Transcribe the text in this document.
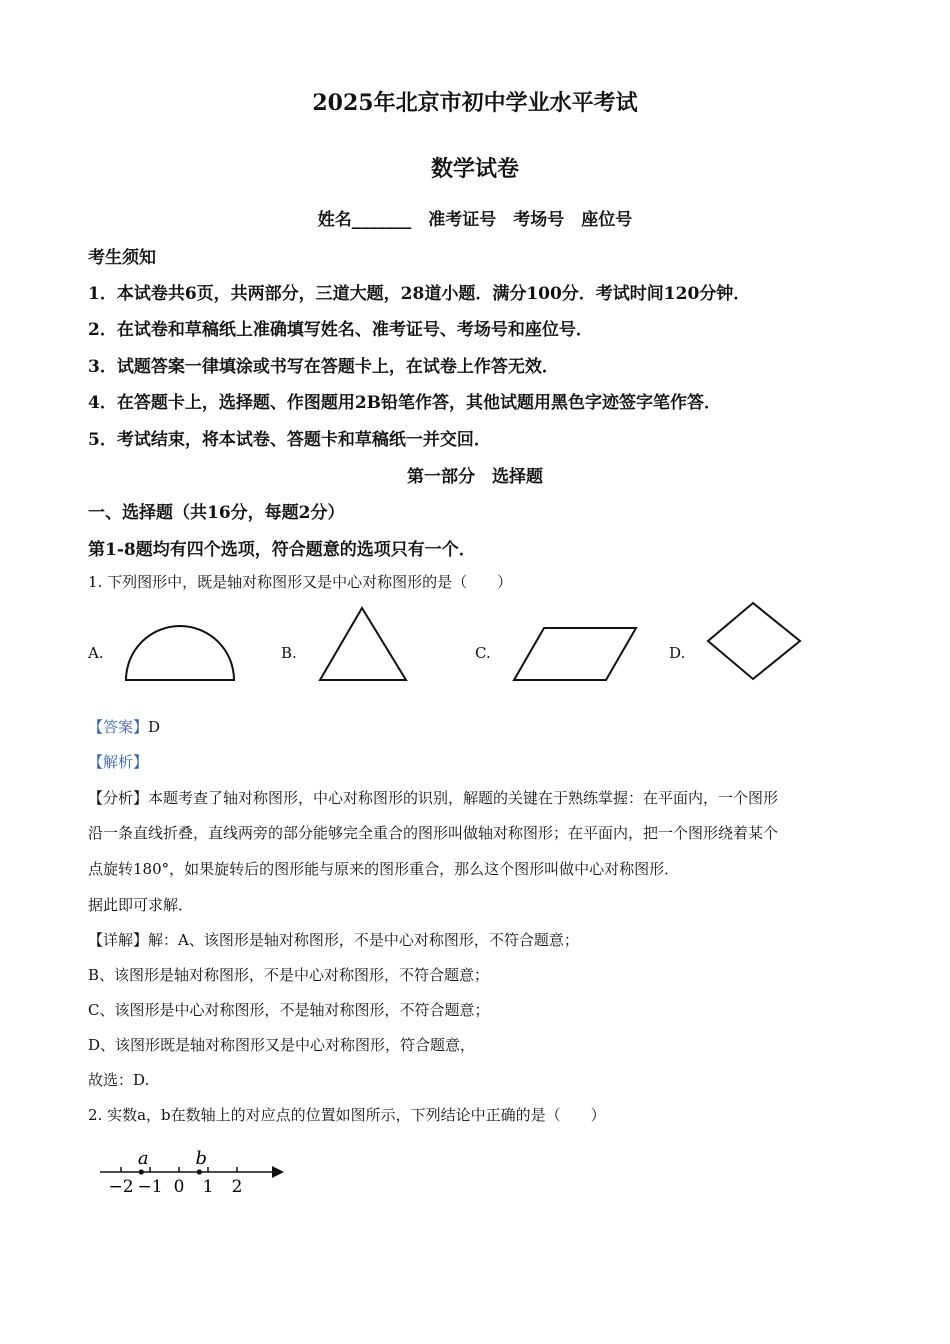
2025年北京市初中学业水平考试
数学试卷
姓名_______　准考证号　考场号　座位号
考生须知
1．本试卷共6页，共两部分，三道大题，28道小题．满分100分．考试时间120分钟．
2．在试卷和草稿纸上准确填写姓名、准考证号、考场号和座位号．
3．试题答案一律填涂或书写在答题卡上，在试卷上作答无效．
4．在答题卡上，选择题、作图题用2B铅笔作答，其他试题用黑色字迹签字笔作答．
5．考试结束，将本试卷、答题卡和草稿纸一并交回．
第一部分　选择题
一、选择题（共16分，每题2分）
第1-8题均有四个选项，符合题意的选项只有一个．
1. 下列图形中，既是轴对称图形又是中心对称图形的是（　　）
A.	B.	C.	D.
【答案】D
【解析】
【分析】本题考查了轴对称图形，中心对称图形的识别，解题的关键在于熟练掌握：在平面内，一个图形
沿一条直线折叠，直线两旁的部分能够完全重合的图形叫做轴对称图形；在平面内，把一个图形绕着某个
点旋转180°，如果旋转后的图形能与原来的图形重合，那么这个图形叫做中心对称图形．
据此即可求解．
【详解】解：A、该图形是轴对称图形，不是中心对称图形，不符合题意；
B、该图形是轴对称图形，不是中心对称图形，不符合题意；
C、该图形是中心对称图形，不是轴对称图形，不符合题意；
D、该图形既是轴对称图形又是中心对称图形，符合题意，
故选：D.
2. 实数a，b在数轴上的对应点的位置如图所示，下列结论中正确的是（　　）
−2 −1 0 1 2
a	b
